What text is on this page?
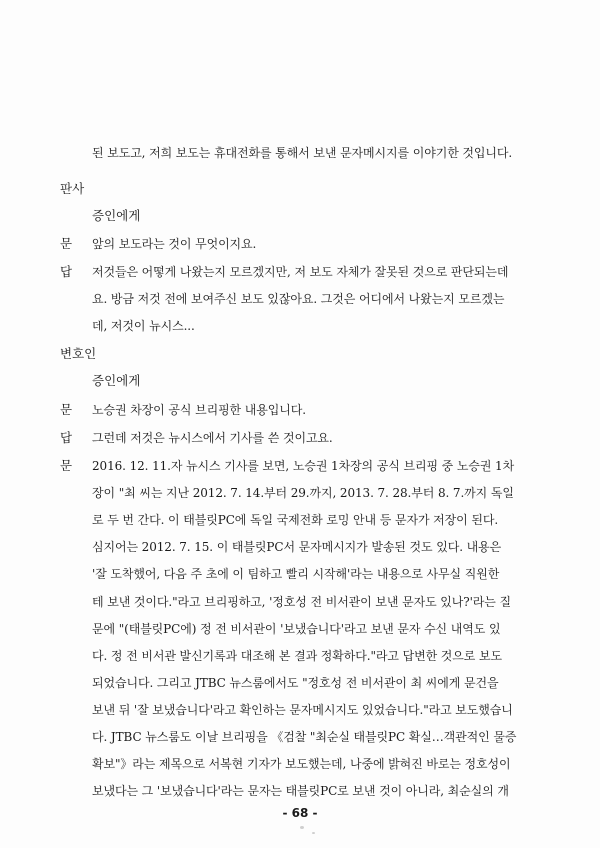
된 보도고, 저희 보도는 휴대전화를 통해서 보낸 문자메시지를 이야기한 것입니다.
판사
증인에게
문 앞의 보도라는 것이 무엇이지요.
답 저것들은 어떻게 나왔는지 모르겠지만, 저 보도 자체가 잘못된 것으로 판단되는데
요. 방금 저것 전에 보여주신 보도 있잖아요. 그것은 어디에서 나왔는지 모르겠는
데, 저것이 뉴시스...
변호인
증인에게
문 노승권 차장이 공식 브리핑한 내용입니다.
답 그런데 저것은 뉴시스에서 기사를 쓴 것이고요.
문 2016. 12. 11.자 뉴시스 기사를 보면, 노승권 1차장의 공식 브리핑 중 노승권 1차
장이 "최 씨는 지난 2012. 7. 14.부터 29.까지, 2013. 7. 28.부터 8. 7.까지 독일
로 두 번 간다. 이 태블릿PC에 독일 국제전화 로밍 안내 등 문자가 저장이 된다.
심지어는 2012. 7. 15. 이 태블릿PC서 문자메시지가 발송된 것도 있다. 내용은
'잘 도착했어, 다음 주 초에 이 팀하고 빨리 시작해'라는 내용으로 사무실 직원한
테 보낸 것이다."라고 브리핑하고, '정호성 전 비서관이 보낸 문자도 있나?'라는 질
문에 "(태블릿PC에) 정 전 비서관이 '보냈습니다'라고 보낸 문자 수신 내역도 있
다. 정 전 비서관 발신기록과 대조해 본 결과 정확하다."라고 답변한 것으로 보도
되었습니다. 그리고 JTBC 뉴스룸에서도 "정호성 전 비서관이 최 씨에게 문건을
보낸 뒤 '잘 보냈습니다'라고 확인하는 문자메시지도 있었습니다."라고 보도했습니
다. JTBC 뉴스룸도 이날 브리핑을 《검찰 "최순실 태블릿PC 확실…객관적인 물증
확보"》라는 제목으로 서복현 기자가 보도했는데, 나중에 밝혀진 바로는 정호성이
보냈다는 그 '보냈습니다'라는 문자는 태블릿PC로 보낸 것이 아니라, 최순실의 개
- 68 -
